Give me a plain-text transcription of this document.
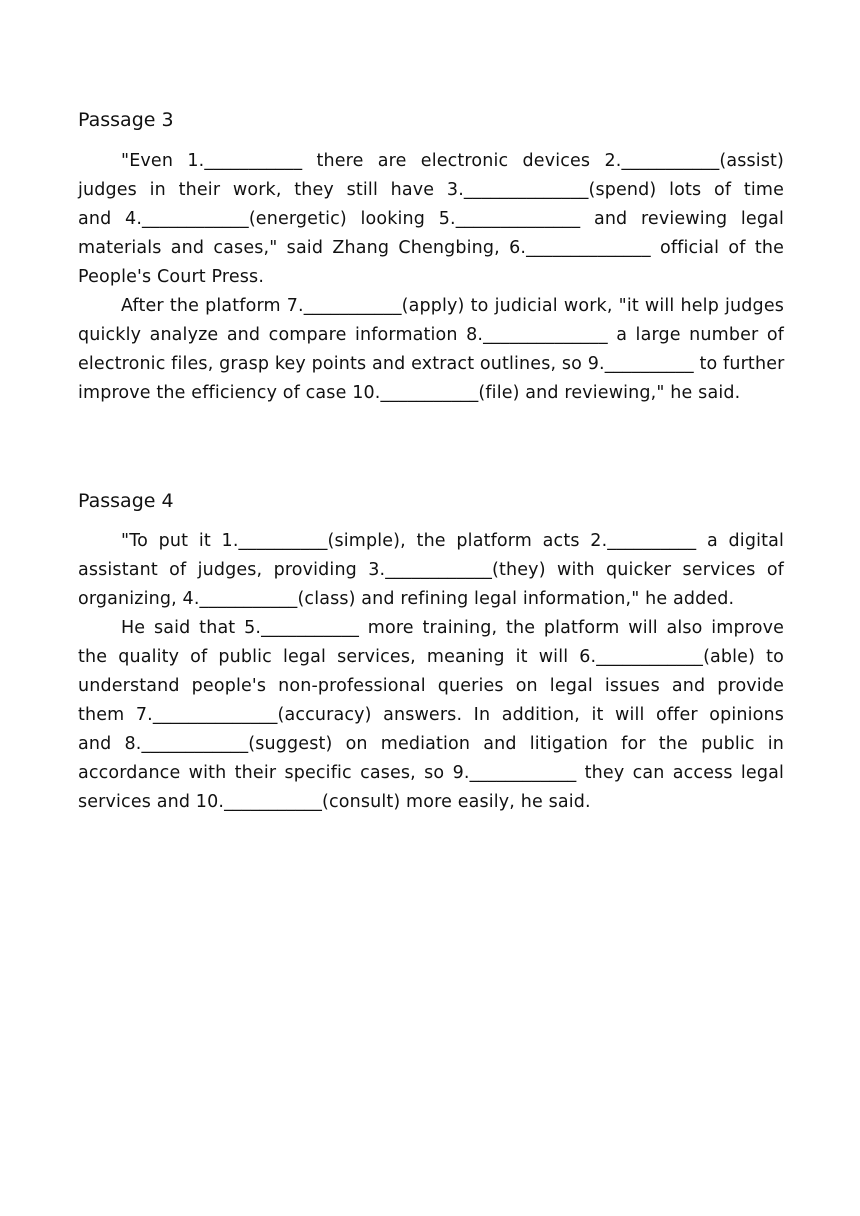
Passage 3
"Even 1.___________ there are electronic devices 2.___________(assist)
judges in their work, they still have 3.______________(spend) lots of time
and 4.____________(energetic) looking 5.______________ and reviewing legal
materials and cases," said Zhang Chengbing, 6.______________ official of the
People's Court Press.
After the platform 7.___________(apply) to judicial work, "it will help judges
quickly analyze and compare information 8.______________ a large number of
electronic files, grasp key points and extract outlines, so 9.__________ to further
improve the efficiency of case 10.___________(file) and reviewing," he said.
Passage 4
"To put it 1.__________(simple), the platform acts 2.__________ a digital
assistant of judges, providing 3.____________(they) with quicker services of
organizing, 4.___________(class) and refining legal information," he added.
He said that 5.___________ more training, the platform will also improve
the quality of public legal services, meaning it will 6.____________(able) to
understand people's non-professional queries on legal issues and provide
them 7.______________(accuracy) answers. In addition, it will offer opinions
and 8.____________(suggest) on mediation and litigation for the public in
accordance with their specific cases, so 9.____________ they can access legal
services and 10.___________(consult) more easily, he said.
